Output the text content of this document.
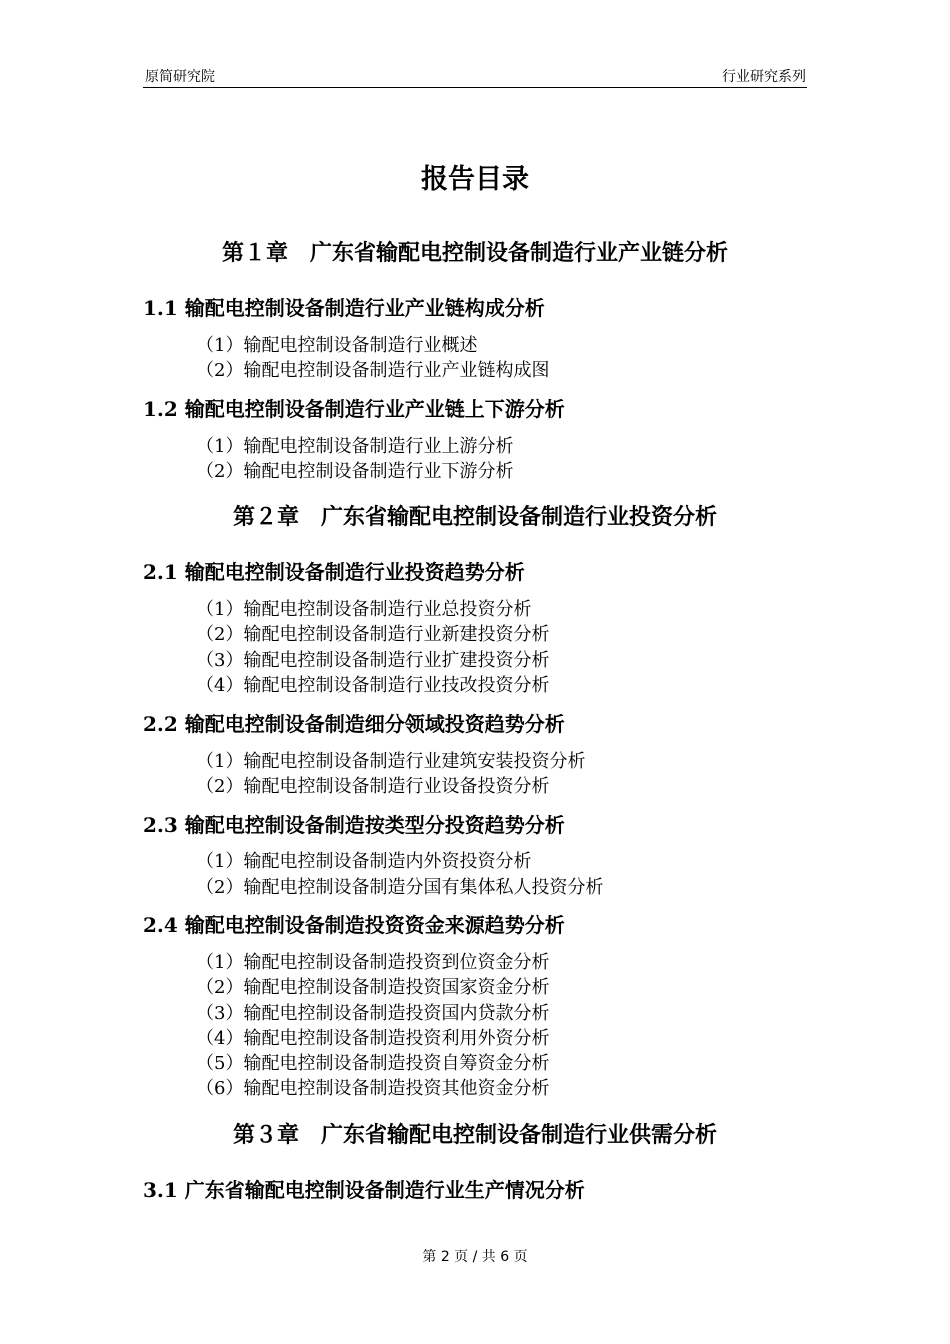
原简研究院	行业研究系列
报告目录
第１章　广东省输配电控制设备制造行业产业链分析
1.1 输配电控制设备制造行业产业链构成分析
（1）输配电控制设备制造行业概述
（2）输配电控制设备制造行业产业链构成图
1.2 输配电控制设备制造行业产业链上下游分析
（1）输配电控制设备制造行业上游分析
（2）输配电控制设备制造行业下游分析
第２章　广东省输配电控制设备制造行业投资分析
2.1 输配电控制设备制造行业投资趋势分析
（1）输配电控制设备制造行业总投资分析
（2）输配电控制设备制造行业新建投资分析
（3）输配电控制设备制造行业扩建投资分析
（4）输配电控制设备制造行业技改投资分析
2.2 输配电控制设备制造细分领域投资趋势分析
（1）输配电控制设备制造行业建筑安装投资分析
（2）输配电控制设备制造行业设备投资分析
2.3 输配电控制设备制造按类型分投资趋势分析
（1）输配电控制设备制造内外资投资分析
（2）输配电控制设备制造分国有集体私人投资分析
2.4 输配电控制设备制造投资资金来源趋势分析
（1）输配电控制设备制造投资到位资金分析
（2）输配电控制设备制造投资国家资金分析
（3）输配电控制设备制造投资国内贷款分析
（4）输配电控制设备制造投资利用外资分析
（5）输配电控制设备制造投资自筹资金分析
（6）输配电控制设备制造投资其他资金分析
第３章　广东省输配电控制设备制造行业供需分析
3.1 广东省输配电控制设备制造行业生产情况分析
第 2 页 / 共 6 页
